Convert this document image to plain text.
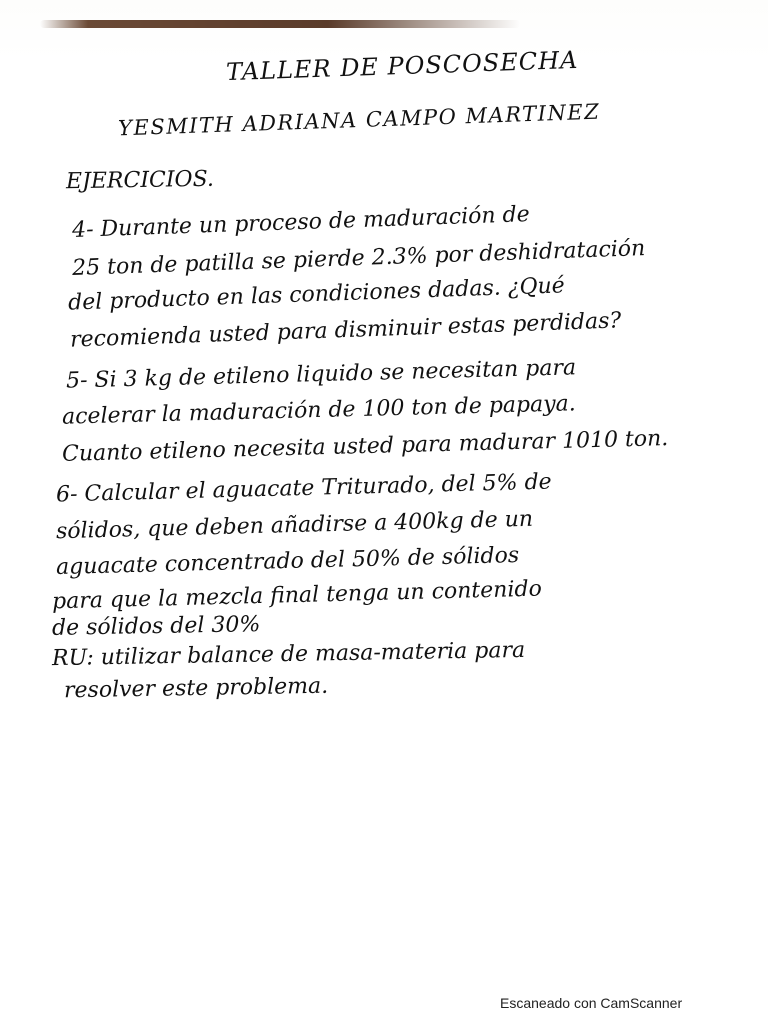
TALLER DE POSCOSECHA
YESMITH ADRIANA CAMPO MARTINEZ
EJERCICIOS.
4- Durante un proceso de maduración de
25 ton de patilla se pierde 2.3% por deshidratación
del producto en las condiciones dadas. ¿Qué
recomienda usted para disminuir estas perdidas?
5- Si 3 kg de etileno liquido se necesitan para
acelerar la maduración de 100 ton de papaya.
Cuanto etileno necesita usted para madurar 1010 ton.
6- Calcular el aguacate Triturado, del 5% de
sólidos, que deben añadirse a 400kg de un
aguacate concentrado del 50% de sólidos
para que la mezcla final tenga un contenido
de sólidos del 30%
RU: utilizar balance de masa-materia para
resolver este problema.
Escaneado con CamScanner
